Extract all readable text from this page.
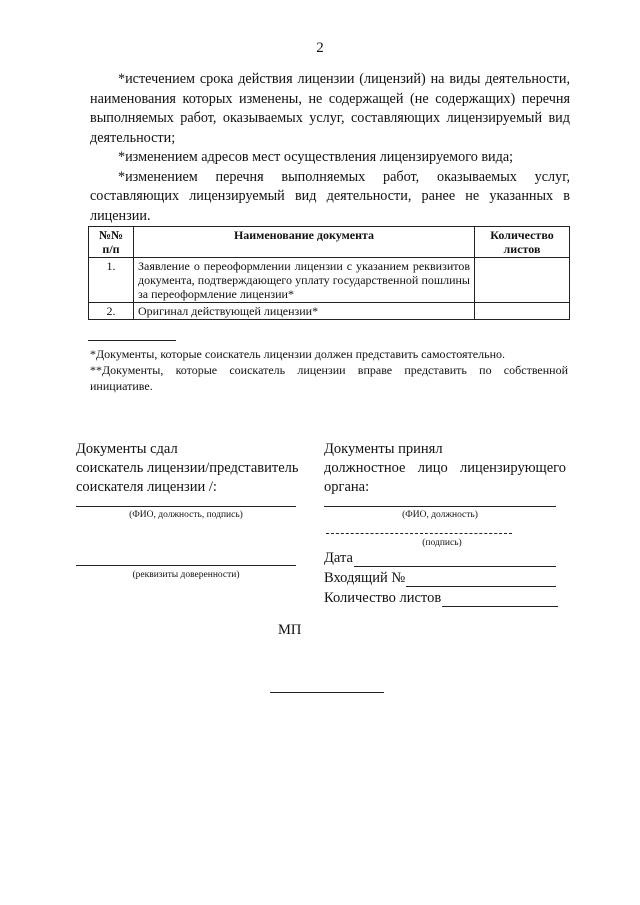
2

*истечением срока действия лицензии (лицензий) на виды деятельности, наименования которых изменены, не содержащей (не содержащих) перечня выполняемых работ, оказываемых услуг, составляющих лицензируемый вид деятельности;

*изменением адресов мест осуществления лицензируемого вида;

*изменением перечня выполняемых работ, оказываемых услуг, составляющих лицензируемый вид деятельности, ранее не указанных в лицензии.

№№ п/п	Наименование документа	Количество листов
1.	Заявление о переоформлении лицензии с указанием реквизитов документа, подтверждающего уплату государственной пошлины за переоформление лицензии*	
2.	Оригинал действующей лицензии*	

*Документы, которые соискатель лицензии должен представить самостоятельно.

**Документы, которые соискатель лицензии вправе представить по собственной инициативе.

Документы сдал

соискатель лицензии/представитель

соискателя лицензии /:

(ФИО, должность, подпись)
(реквизиты доверенности)

Документы принял

должностное лицо лицензирующего

органа:

(ФИО, должность)
(подпись)
Дата
Входящий №
Количество листов
МП
